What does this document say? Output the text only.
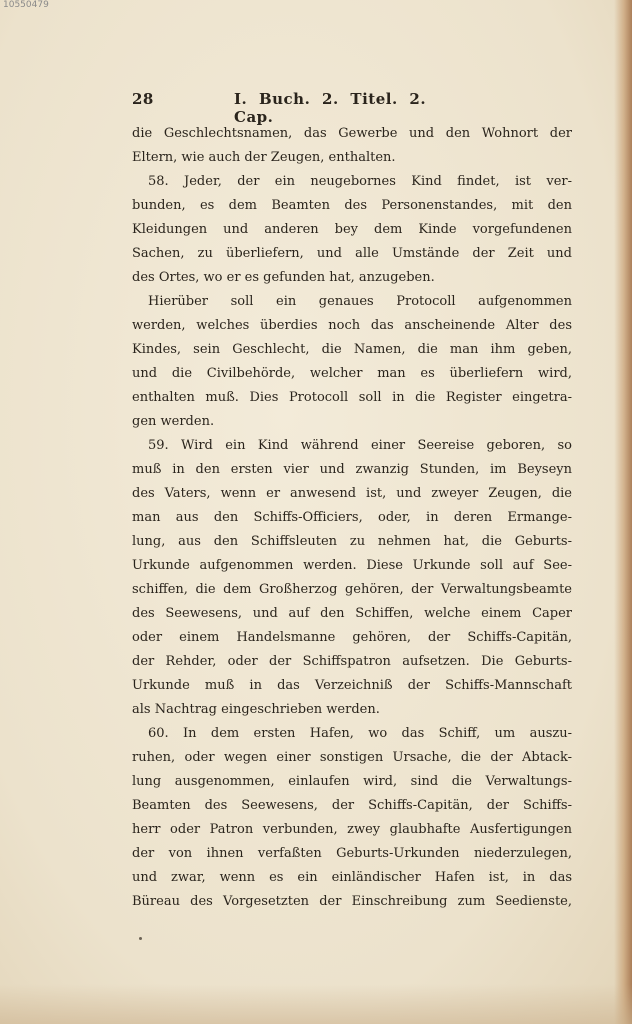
10550479
28	I. Buch. 2. Titel. 2. Cap.
die Geschlechtsnamen, das Gewerbe und den Wohnort der
Eltern, wie auch der Zeugen, enthalten.
58. Jeder, der ein neugebornes Kind findet, ist ver-
bunden, es dem Beamten des Personenstandes, mit den
Kleidungen und anderen bey dem Kinde vorgefundenen
Sachen, zu überliefern, und alle Umstände der Zeit und
des Ortes, wo er es gefunden hat, anzugeben.
Hierüber soll ein genaues Protocoll aufgenommen
werden, welches überdies noch das anscheinende Alter des
Kindes, sein Geschlecht, die Namen, die man ihm geben,
und die Civilbehörde, welcher man es überliefern wird,
enthalten muß. Dies Protocoll soll in die Register eingetra-
gen werden.
59. Wird ein Kind während einer Seereise geboren, so
muß in den ersten vier und zwanzig Stunden, im Beyseyn
des Vaters, wenn er anwesend ist, und zweyer Zeugen, die
man aus den Schiffs-Officiers, oder, in deren Ermange-
lung, aus den Schiffsleuten zu nehmen hat, die Geburts-
Urkunde aufgenommen werden. Diese Urkunde soll auf See-
schiffen, die dem Großherzog gehören, der Verwaltungsbeamte
des Seewesens, und auf den Schiffen, welche einem Caper
oder einem Handelsmanne gehören, der Schiffs-Capitän,
der Rehder, oder der Schiffspatron aufsetzen. Die Geburts-
Urkunde muß in das Verzeichniß der Schiffs-Mannschaft
als Nachtrag eingeschrieben werden.
60. In dem ersten Hafen, wo das Schiff, um auszu-
ruhen, oder wegen einer sonstigen Ursache, die der Abtack-
lung ausgenommen, einlaufen wird, sind die Verwaltungs-
Beamten des Seewesens, der Schiffs-Capitän, der Schiffs-
herr oder Patron verbunden, zwey glaubhafte Ausfertigungen
der von ihnen verfaßten Geburts-Urkunden niederzulegen,
und zwar, wenn es ein einländischer Hafen ist, in das
Büreau des Vorgesetzten der Einschreibung zum Seedienste,
